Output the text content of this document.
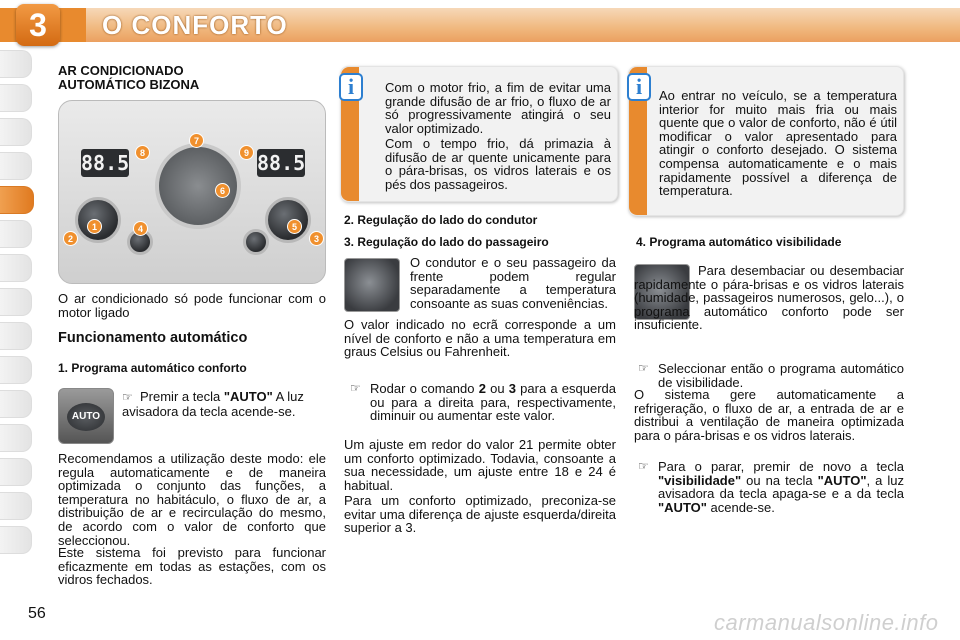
3	O CONFORTO
AR CONDICIONADO AUTOMÁTICO BIZONA
88.5	88.5
1
2	3
4	5
6
7
8	9
O ar condicionado só pode funcionar com o motor ligado
Funcionamento automático
1. Programa automático conforto
AUTO
☞ Premir a tecla "AUTO" A luz avisadora da tecla acende-se.
Recomendamos a utilização deste modo: ele regula automaticamente e de maneira optimizada o conjunto das funções, a temperatura no habitáculo, o fluxo de ar, a distribuição de ar e recirculação do mesmo, de acordo com o valor de conforto que seleccionou.
Este sistema foi previsto para funcionar eficazmente em todas as estações, com os vidros fechados.
i	Com o motor frio, a fim de evitar uma grande difusão de ar frio, o fluxo de ar só progressivamente atingirá o seu valor optimizado.
Com o tempo frio, dá primazia à difusão de ar quente unicamente para o pára-brisas, os vidros laterais e os pés dos passageiros.
2. Regulação do lado do condutor
3. Regulação do lado do passageiro
O condutor e o seu passageiro da frente podem regular separadamente a temperatura consoante as suas conveniências.
O valor indicado no ecrã corresponde a um nível de conforto e não a uma temperatura em graus Celsius ou Fahrenheit.
☞ Rodar o comando 2 ou 3 para a esquerda ou para a direita para, respectivamente, diminuir ou aumentar este valor.
Um ajuste em redor do valor 21 permite obter um conforto optimizado. Todavia, consoante a sua necessidade, um ajuste entre 18 e 24 é habitual.
Para um conforto optimizado, preconiza-se evitar uma diferença de ajuste esquerda/direita superior a 3.
i	Ao entrar no veículo, se a temperatura interior for muito mais fria ou mais quente que o valor de conforto, não é útil modificar o valor apresentado para atingir o conforto desejado. O sistema compensa automaticamente e o mais rapidamente possível a diferença de temperatura.
4. Programa automático visibilidade
Para desembaciar ou desembaciar rapidamente o pára-brisas e os vidros laterais (humidade, passageiros numerosos, gelo...), o programa automático conforto pode ser insuficiente.
☞ Seleccionar então o programa automático de visibilidade.
O sistema gere automaticamente a refrigeração, o fluxo de ar, a entrada de ar e distribui a ventilação de maneira optimizada para o pára-brisas e os vidros laterais.
☞ Para o parar, premir de novo a tecla "visibilidade" ou na tecla "AUTO", a luz avisadora da tecla apaga-se e a da tecla "AUTO" acende-se.
56	carmanualsonline.info
